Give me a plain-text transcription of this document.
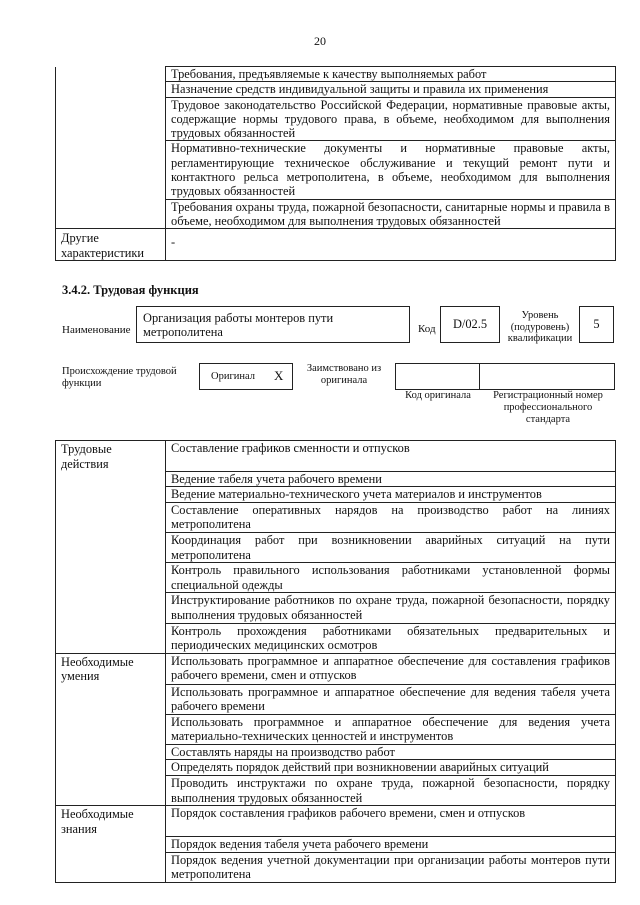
20
	Требования, предъявляемые к качеству выполняемых работ
	Назначение средств индивидуальной защиты и правила их применения
	Трудовое законодательство Российской Федерации, нормативные правовые акты, содержащие нормы трудового права, в объеме, необходимом для выполнения трудовых обязанностей
	Нормативно-технические документы и нормативные правовые акты, регламентирующие техническое обслуживание и текущий ремонт пути и контактного рельса метрополитена, в объеме, необходимом для выполнения трудовых обязанностей
	Требования охраны труда, пожарной безопасности, санитарные нормы и правила в объеме, необходимом для выполнения трудовых обязанностей
Другие характеристики	-
3.4.2. Трудовая функция
Наименование
Организация работы монтеров пути метрополитена	Код	D/02.5
Уровень (подуровень) квалификации
5
Происхождение трудовой функции
Оригинал X	Заимствовано из оригинала
Код оригинала	Регистрационный номер профессионального стандарта
Трудовые действия	Составление графиков сменности и отпусков
	Ведение табеля учета рабочего времени
	Ведение материально-технического учета материалов и инструментов
	Составление оперативных нарядов на производство работ на линиях метрополитена
	Координация работ при возникновении аварийных ситуаций на пути метрополитена
	Контроль правильного использования работниками установленной формы специальной одежды
	Инструктирование работников по охране труда, пожарной безопасности, порядку выполнения трудовых обязанностей
	Контроль прохождения работниками обязательных предварительных и периодических медицинских осмотров
Необходимые умения	Использовать программное и аппаратное обеспечение для составления графиков рабочего времени, смен и отпусков
	Использовать программное и аппаратное обеспечение для ведения табеля учета рабочего времени
	Использовать программное и аппаратное обеспечение для ведения учета материально-технических ценностей и инструментов
	Составлять наряды на производство работ
	Определять порядок действий при возникновении аварийных ситуаций
	Проводить инструктажи по охране труда, пожарной безопасности, порядку выполнения трудовых обязанностей
Необходимые знания	Порядок составления графиков рабочего времени, смен и отпусков
	Порядок ведения табеля учета рабочего времени
	Порядок ведения учетной документации при организации работы монтеров пути метрополитена
